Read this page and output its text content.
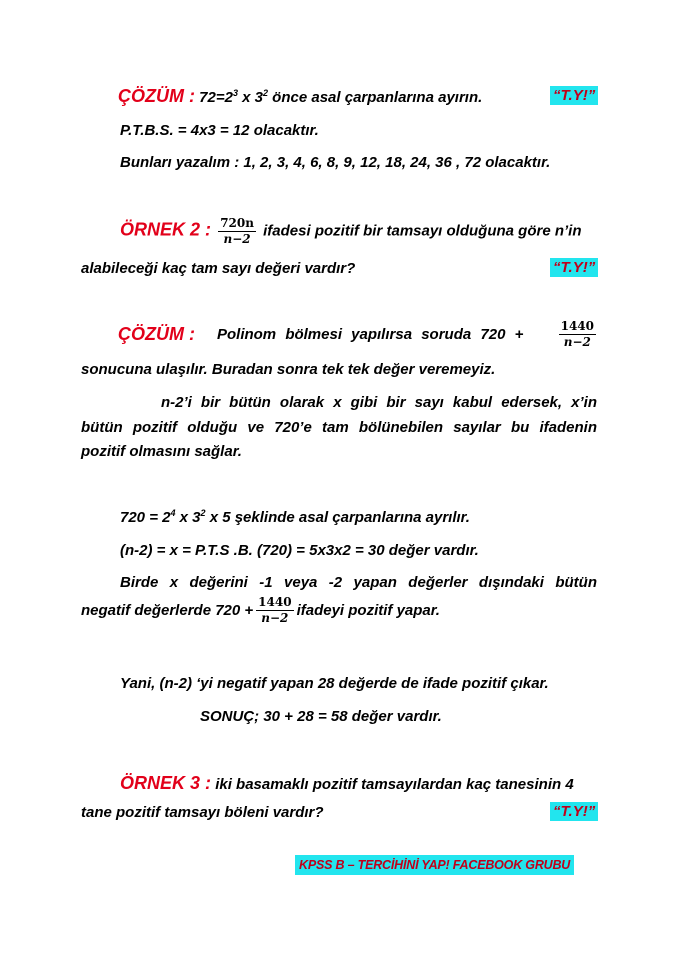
ÇÖZÜM : $72=2^3$ x $3^2$ önce asal çarpanlarına ayırın.	“T.Y!”
P.T.B.S. = 4x3 = 12 olacaktır.
Bunları yazalım : 1, 2, 3, 4, 6, 8, 9, 12, 18, 24, 36 , 72 olacaktır.
ÖRNEK 2 : $\frac{720n}{n-2}$ ifadesi pozitif bir tamsayı olduğuna göre n’in
alabileceği kaç tam sayı değeri vardır?	“T.Y!”
ÇÖZÜM : Polinom bölmesi yapılırsa soruda 720 +	$\frac{1440}{n-2}$
sonucuna ulaşılır. Buradan sonra tek tek değer veremeyiz.
n-2’i bir bütün olarak x gibi bir sayı kabul edersek, x’in
bütün pozitif olduğu ve 720’e tam bölünebilen sayılar bu ifadenin
pozitif olmasını sağlar.
$720 = 2^4$ x $3^2$ x 5 şeklinde asal çarpanlarına ayrılır.
(n-2) = x = P.T.S .B. (720) = 5x3x2 = 30 değer vardır.
Birde x değerini -1 veya -2 yapan değerler dışındaki bütün
negatif değerlerde $720 + \frac{1440}{n-2}$ ifadeyi pozitif yapar.
Yani, (n-2) ‘yi negatif yapan 28 değerde de ifade pozitif çıkar.
SONUÇ; 30 + 28 = 58 değer vardır.
ÖRNEK 3 : iki basamaklı pozitif tamsayılardan kaç tanesinin 4
tane pozitif tamsayı böleni vardır?	“T.Y!”
KPSS B – TERCİHİNİ YAP! FACEBOOK GRUBU
